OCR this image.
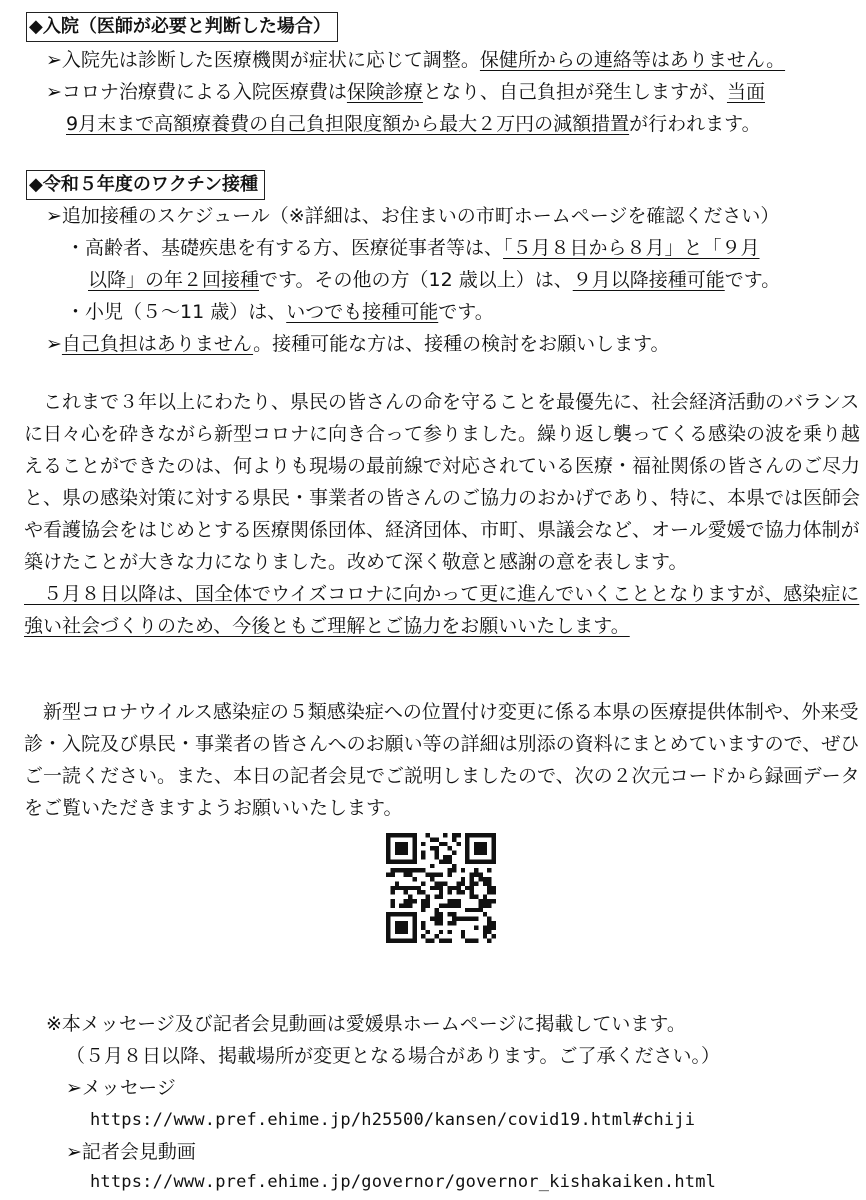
◆入院（医師が必要と判断した場合）
➢入院先は診断した医療機関が症状に応じて調整。保健所からの連絡等はありません。
➢コロナ治療費による入院医療費は保険診療となり、自己負担が発生しますが、当面
9月末まで高額療養費の自己負担限度額から最大２万円の減額措置が行われます。
◆令和５年度のワクチン接種
➢追加接種のスケジュール（※詳細は、お住まいの市町ホームページを確認ください）
・高齢者、基礎疾患を有する方、医療従事者等は、「５月８日から８月」と「９月
以降」の年２回接種です。その他の方（12 歳以上）は、９月以降接種可能です。
・小児（５～11 歳）は、いつでも接種可能です。
➢自己負担はありません。接種可能な方は、接種の検討をお願いします。
　これまで３年以上にわたり、県民の皆さんの命を守ることを最優先に、社会経済活動のバランスに日々心を砕きながら新型コロナに向き合って参りました。繰り返し襲ってくる感染の波を乗り越えることができたのは、何よりも現場の最前線で対応されている医療・福祉関係の皆さんのご尽力と、県の感染対策に対する県民・事業者の皆さんのご協力のおかげであり、特に、本県では医師会や看護協会をはじめとする医療関係団体、経済団体、市町、県議会など、オール愛媛で協力体制が築けたことが大きな力になりました。改めて深く敬意と感謝の意を表します。
　５月８日以降は、国全体でウイズコロナに向かって更に進んでいくこととなりますが、感染症に強い社会づくりのため、今後ともご理解とご協力をお願いいたします。
　新型コロナウイルス感染症の５類感染症への位置付け変更に係る本県の医療提供体制や、外来受診・入院及び県民・事業者の皆さんへのお願い等の詳細は別添の資料にまとめていますので、ぜひご一読ください。また、本日の記者会見でご説明しましたので、次の２次元コードから録画データをご覧いただきますようお願いいたします。
※本メッセージ及び記者会見動画は愛媛県ホームページに掲載しています。
（５月８日以降、掲載場所が変更となる場合があります。ご了承ください。）
➢メッセージ
https://www.pref.ehime.jp/h25500/kansen/covid19.html#chiji
➢記者会見動画
https://www.pref.ehime.jp/governor/governor_kishakaiken.html
